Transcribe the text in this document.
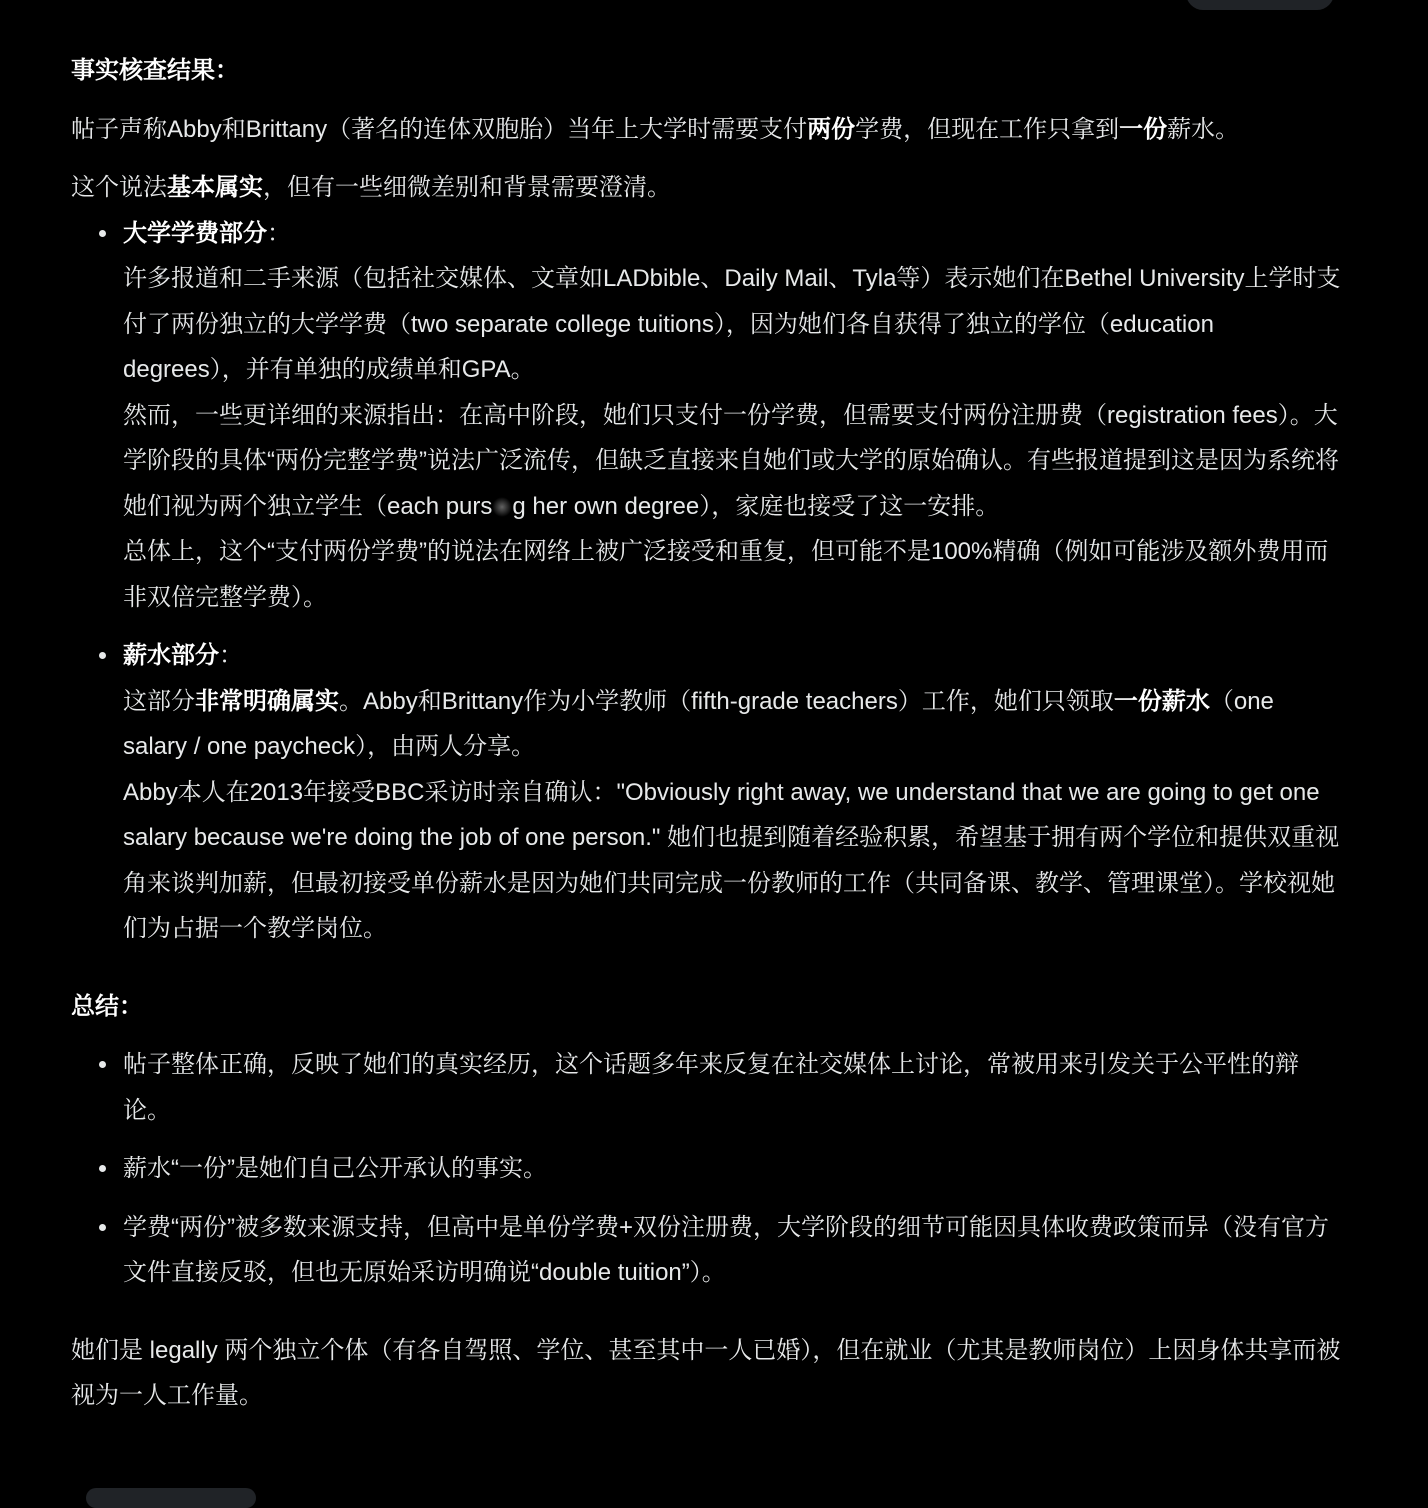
事实核查结果：

帖子声称Abby和Brittany（著名的连体双胞胎）当年上大学时需要支付两份学费，但现在工作只拿到一份薪水。

这个说法基本属实，但有一些细微差别和背景需要澄清。

大学学费部分：
许多报道和二手来源（包括社交媒体、文章如LADbible、Daily Mail、Tyla等）表示她们在Bethel University上学时支付了两份独立的大学学费（two separate college tuitions），因为她们各自获得了独立的学位（education degrees），并有单独的成绩单和GPA。
然而，一些更详细的来源指出：在高中阶段，她们只支付一份学费，但需要支付两份注册费（registration fees）。大学阶段的具体“两份完整学费”说法广泛流传，但缺乏直接来自她们或大学的原始确认。有些报道提到这是因为系统将她们视为两个独立学生（each purs g her own degree），家庭也接受了这一安排。
总体上，这个“支付两份学费”的说法在网络上被广泛接受和重复，但可能不是100%精确（例如可能涉及额外费用而非双倍完整学费）。
薪水部分：
这部分非常明确属实。Abby和Brittany作为小学教师（fifth-grade teachers）工作，她们只领取一份薪水（one salary / one paycheck），由两人分享。
Abby本人在2013年接受BBC采访时亲自确认："Obviously right away, we understand that we are going to get one salary because we're doing the job of one person." 她们也提到随着经验积累，希望基于拥有两个学位和提供双重视角来谈判加薪，但最初接受单份薪水是因为她们共同完成一份教师的工作（共同备课、教学、管理课堂）。学校视她们为占据一个教学岗位。

总结：

帖子整体正确，反映了她们的真实经历，这个话题多年来反复在社交媒体上讨论，常被用来引发关于公平性的辩论。
薪水“一份”是她们自己公开承认的事实。
学费“两份”被多数来源支持，但高中是单份学费+双份注册费，大学阶段的细节可能因具体收费政策而异（没有官方文件直接反驳，但也无原始采访明确说“double tuition”）。

她们是 legally 两个独立个体（有各自驾照、学位、甚至其中一人已婚），但在就业（尤其是教师岗位）上因身体共享而被视为一人工作量。
